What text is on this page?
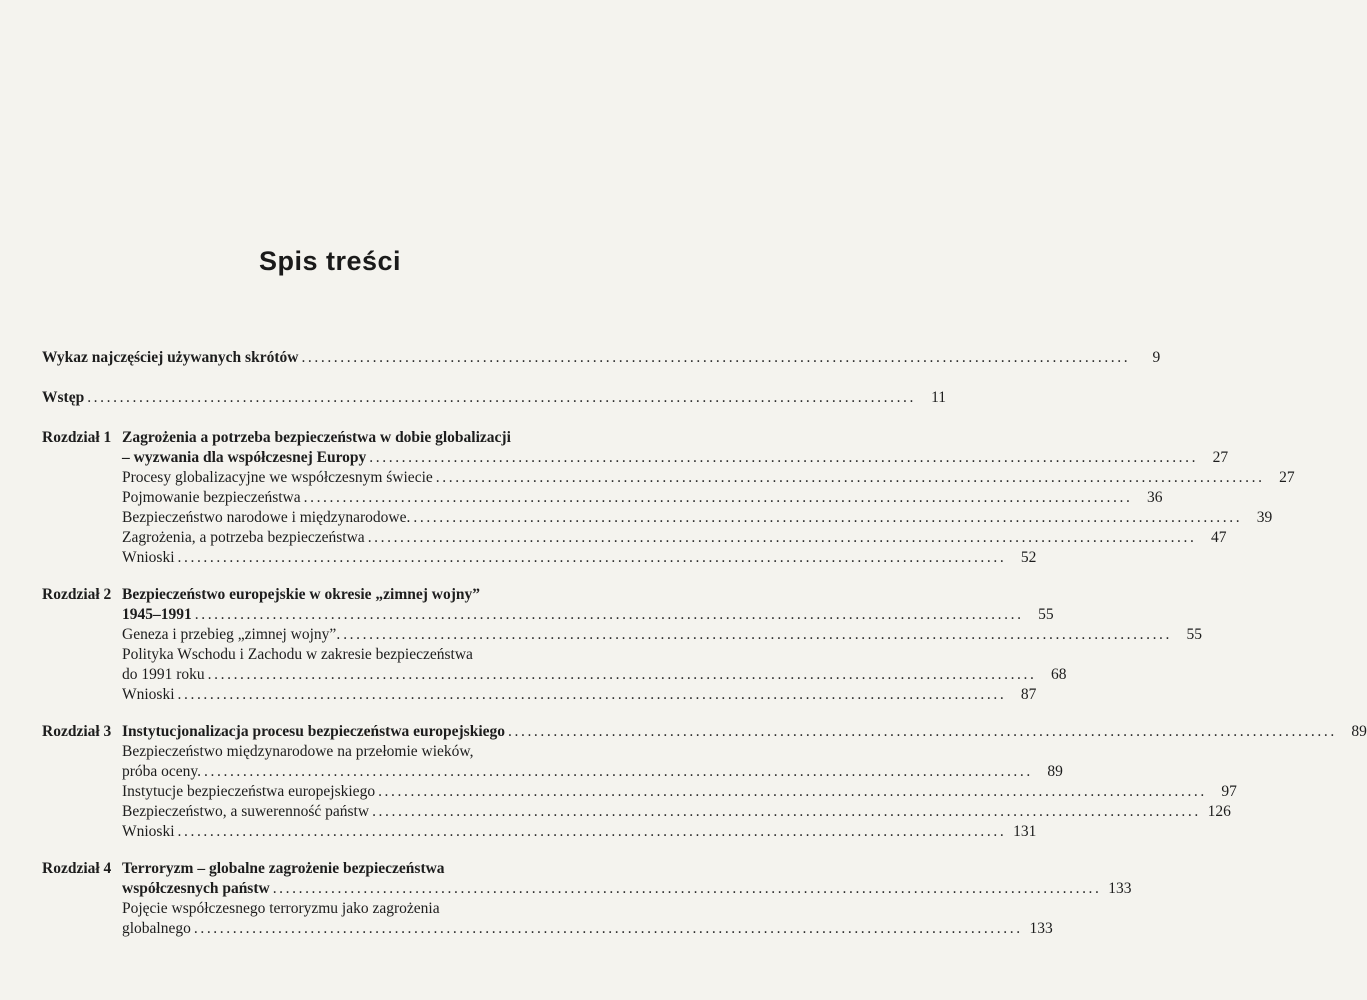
Spis treści
Wykaz najczęściej używanych skrótów ................................................................................................................................	9
Wstęp ................................................................................................................................ 11
Rozdział 1 Zagrożenia a potrzeba bezpieczeństwa w dobie globalizacji
– wyzwania dla współczesnej Europy ................................................................................................................................ 27
Procesy globalizacyjne we współczesnym świecie ................................................................................................................................ 27
Pojmowanie bezpieczeństwa ................................................................................................................................ 36
Bezpieczeństwo narodowe i międzynarodowe. ................................................................................................................................ 39
Zagrożenia, a potrzeba bezpieczeństwa ................................................................................................................................ 47
Wnioski ................................................................................................................................ 52
Rozdział 2 Bezpieczeństwo europejskie w okresie „zimnej wojny”
1945–1991 ................................................................................................................................ 55
Geneza i przebieg „zimnej wojny”. ................................................................................................................................ 55
Polityka Wschodu i Zachodu w zakresie bezpieczeństwa
do 1991 roku ................................................................................................................................ 68
Wnioski ................................................................................................................................ 87
Rozdział 3 Instytucjonalizacja procesu bezpieczeństwa europejskiego ................................................................................................................................ 89
Bezpieczeństwo międzynarodowe na przełomie wieków,
próba oceny. ................................................................................................................................ 89
Instytucje bezpieczeństwa europejskiego ................................................................................................................................ 97
Bezpieczeństwo, a suwerenność państw ................................................................................................................................ 126
Wnioski ................................................................................................................................ 131
Rozdział 4 Terroryzm – globalne zagrożenie bezpieczeństwa
współczesnych państw ................................................................................................................................ 133
Pojęcie współczesnego terroryzmu jako zagrożenia
globalnego ................................................................................................................................ 133
